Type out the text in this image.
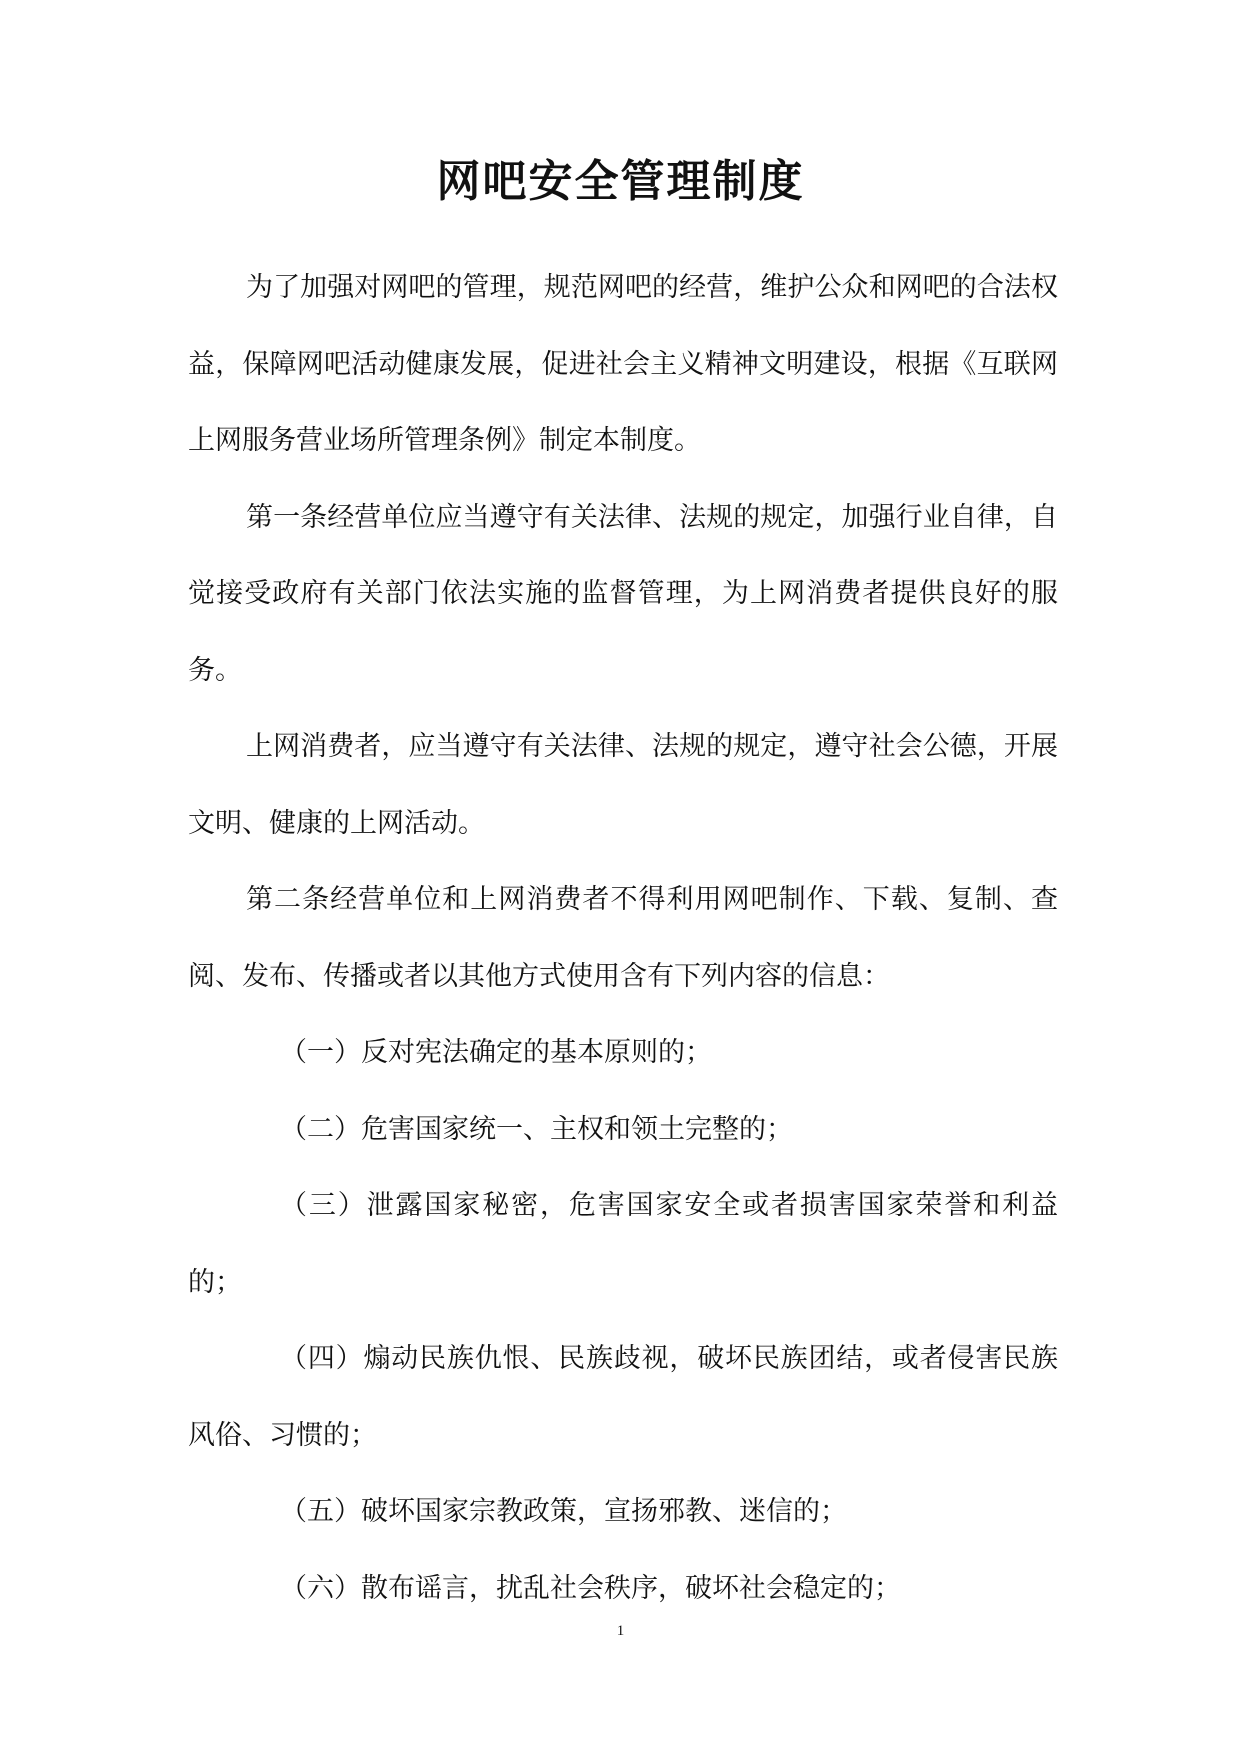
网吧安全管理制度

为了加强对网吧的管理，规范网吧的经营，维护公众和网吧的合法权益，保障网吧活动健康发展，促进社会主义精神文明建设，根据《互联网上网服务营业场所管理条例》制定本制度。

第一条经营单位应当遵守有关法律、法规的规定，加强行业自律，自觉接受政府有关部门依法实施的监督管理，为上网消费者提供良好的服务。

上网消费者，应当遵守有关法律、法规的规定，遵守社会公德，开展文明、健康的上网活动。

第二条经营单位和上网消费者不得利用网吧制作、下载、复制、查阅、发布、传播或者以其他方式使用含有下列内容的信息：

（一）反对宪法确定的基本原则的；

（二）危害国家统一、主权和领土完整的；

（三）泄露国家秘密，危害国家安全或者损害国家荣誉和利益的；

（四）煽动民族仇恨、民族歧视，破坏民族团结，或者侵害民族风俗、习惯的；

（五）破坏国家宗教政策，宣扬邪教、迷信的；

（六）散布谣言，扰乱社会秩序，破坏社会稳定的；

1
